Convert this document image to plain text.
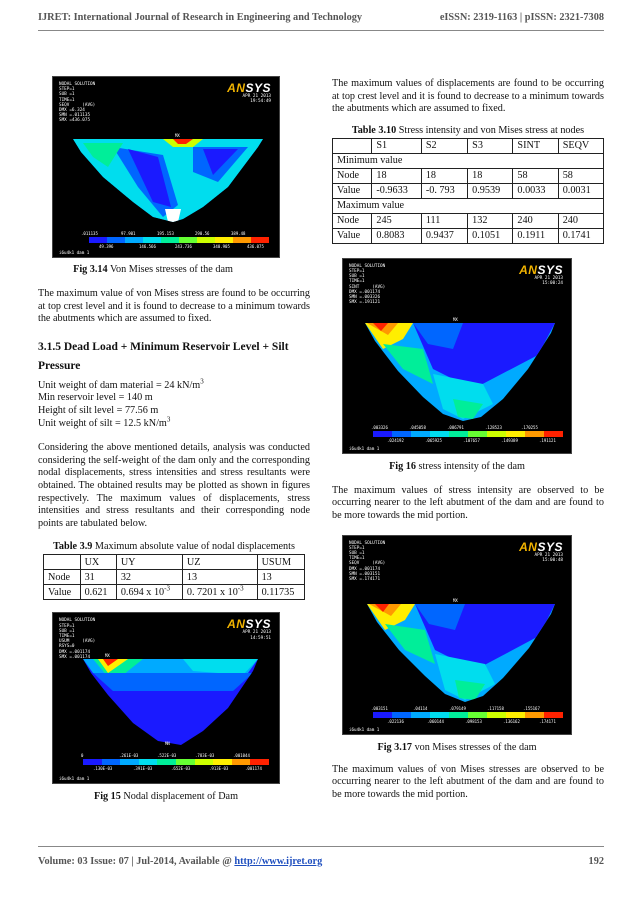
IJRET: International Journal of Research in Engineering and Technology	eISSN: 2319-1163 | pISSN: 2321-7308
NODAL SOLUTION
STEP=1
SUB =1
TIME=1
SEQV     (AVG)
DMX =6.324
SMN =.011135
SMX =436.075
ANSYS
APR 21 2013
19:54:49
MX
.011135	97.901	195.153	290.56	389.48
49.396	146.566	243.736	340.905	436.075
i6u4k1 dam 1
Fig 3.14 Von Mises stresses of the dam

The maximum value of von Mises stress are found to be occurring at top crest level and it is found to decrease to a minimum towards the abutments which are assumed to fixed.

3.1.5 Dead Load + Minimum Reservoir Level + Silt
Pressure

Unit weight of dam material = 24 $kN/m^3$

Min reservoir level = 140 m

Height of silt level = 77.56 m

Unit weight of silt = 12.5 $kN/m^3$

Considering the above mentioned details, analysis was conducted considering the self-weight of the dam only and the corresponding nodal displacements, stress intensities and stress resultants were obtained. The obtained results may be plotted as shown in figures respectively. The maximum values of displacements, stress intensities and stress resultants and their corresponding node points are tabulated below.

Table 3.9 Maximum absolute value of nodal displacements
	UX	UY	UZ	USUM
Node	31	32	13	13
Value	0.621	0.694 x $10^{-3}$	0. 7201 x $10^{-3}$	0.11735
NODAL SOLUTION
STEP=1
SUB =1
TIME=1
USUM     (AVG)
RSYS=0
DMX =.001174
SMX =.001174
ANSYS
APR 21 2013
14:59:51
MX
MN
0	.261E-03	.522E-03	.783E-03	.001044
.130E-03	.391E-03	.652E-03	.913E-03	.001174
i6u4k1 dam 1
Fig 15 Nodal displacement of Dam

The maximum values of displacements are found to be occurring at top crest level and it is found to decrease to a minimum towards the abutments which are assumed to fixed.

Table 3.10 Stress intensity and von Mises stress at nodes
	S1	S2	S3	SINT	SEQV
Minimum value					
Node	18	18	18	58	58
Value	-0.9633	-0. 793	0.9539	0.0033	0.0031
Maximum value					
Node	245	111	132	240	240
Value	0.8083	0.9437	0.1051	0.1911	0.1741
NODAL SOLUTION
STEP=1
SUB =1
TIME=1
SINT     (AVG)
DMX =.001174
SMN =.003326
SMX =.191121
ANSYS
APR 21 2013
15:00:24
MX
.003326	.045058	.086791	.128523	.170255
.024192	.065925	.107657	.149389	.191121
i6u4k1 dam 1
Fig 16 stress intensity of the dam

The maximum values of stress intensity are observed to be occurring nearer to the left abutment of the dam and are found to be more towards the mid portion.

NODAL SOLUTION
STEP=1
SUB =1
TIME=1
SEQV     (AVG)
DMX =.001174
SMN =.003151
SMX =.174171
ANSYS
APR 21 2013
15:00:48
MX
.003151	.04114	.079149	.117158	.155167
.022136	.060144	.098153	.136162	.174171
i6u4k1 dam 1
Fig 3.17 von Mises stresses of the dam

The maximum values of von Mises stresses are observed to be occurring nearer to the left abutment of the dam and are found to be more towards the mid portion.

Volume: 03 Issue: 07 | Jul-2014, Available @ http://www.ijret.org	192
